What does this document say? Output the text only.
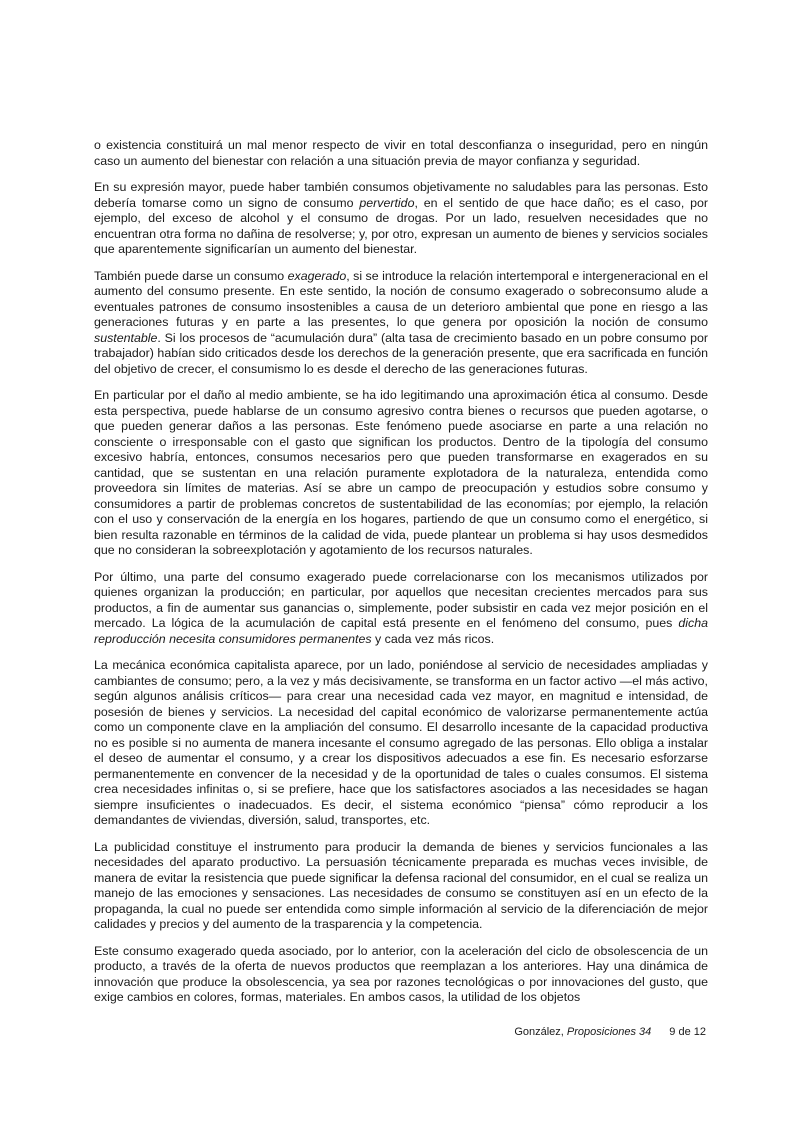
o existencia constituirá un mal menor respecto de vivir en total desconfianza o inseguridad, pero en ningún caso un aumento del bienestar con relación a una situación previa de mayor confianza y seguridad.

En su expresión mayor, puede haber también consumos objetivamente no saludables para las personas. Esto debería tomarse como un signo de consumo pervertido, en el sentido de que hace daño; es el caso, por ejemplo, del exceso de alcohol y el consumo de drogas. Por un lado, resuelven necesidades que no encuentran otra forma no dañina de resolverse; y, por otro, expresan un aumento de bienes y servicios sociales que aparentemente significarían un aumento del bienestar.

También puede darse un consumo exagerado, si se introduce la relación intertemporal e intergeneracional en el aumento del consumo presente. En este sentido, la noción de consumo exagerado o sobreconsumo alude a eventuales patrones de consumo insostenibles a causa de un deterioro ambiental que pone en riesgo a las generaciones futuras y en parte a las presentes, lo que genera por oposición la noción de consumo sustentable. Si los procesos de “acumulación dura” (alta tasa de crecimiento basado en un pobre consumo por trabajador) habían sido criticados desde los derechos de la generación presente, que era sacrificada en función del objetivo de crecer, el consumismo lo es desde el derecho de las generaciones futuras.

En particular por el daño al medio ambiente, se ha ido legitimando una aproximación ética al consumo. Desde esta perspectiva, puede hablarse de un consumo agresivo contra bienes o recursos que pueden agotarse, o que pueden generar daños a las personas. Este fenómeno puede asociarse en parte a una relación no consciente o irresponsable con el gasto que significan los productos. Dentro de la tipología del consumo excesivo habría, entonces, consumos necesarios pero que pueden transformarse en exagerados en su cantidad, que se sustentan en una relación puramente explotadora de la naturaleza, entendida como proveedora sin límites de materias. Así se abre un campo de preocupación y estudios sobre consumo y consumidores a partir de problemas concretos de sustentabilidad de las economías; por ejemplo, la relación con el uso y conservación de la energía en los hogares, partiendo de que un consumo como el energético, si bien resulta razonable en términos de la calidad de vida, puede plantear un problema si hay usos desmedidos que no consideran la sobreexplotación y agotamiento de los recursos naturales.

Por último, una parte del consumo exagerado puede correlacionarse con los mecanismos utilizados por quienes organizan la producción; en particular, por aquellos que necesitan crecientes mercados para sus productos, a fin de aumentar sus ganancias o, simplemente, poder subsistir en cada vez mejor posición en el mercado. La lógica de la acumulación de capital está presente en el fenómeno del consumo, pues dicha reproducción necesita consumidores permanentes y cada vez más ricos.

La mecánica económica capitalista aparece, por un lado, poniéndose al servicio de necesidades ampliadas y cambiantes de consumo; pero, a la vez y más decisivamente, se transforma en un factor activo —el más activo, según algunos análisis críticos— para crear una necesidad cada vez mayor, en magnitud e intensidad, de posesión de bienes y servicios. La necesidad del capital económico de valorizarse permanentemente actúa como un componente clave en la ampliación del consumo. El desarrollo incesante de la capacidad productiva no es posible si no aumenta de manera incesante el consumo agregado de las personas. Ello obliga a instalar el deseo de aumentar el consumo, y a crear los dispositivos adecuados a ese fin. Es necesario esforzarse permanentemente en convencer de la necesidad y de la oportunidad de tales o cuales consumos. El sistema crea necesidades infinitas o, si se prefiere, hace que los satisfactores asociados a las necesidades se hagan siempre insuficientes o inadecuados. Es decir, el sistema económico “piensa” cómo reproducir a los demandantes de viviendas, diversión, salud, transportes, etc.

La publicidad constituye el instrumento para producir la demanda de bienes y servicios funcionales a las necesidades del aparato productivo. La persuasión técnicamente preparada es muchas veces invisible, de manera de evitar la resistencia que puede significar la defensa racional del consumidor, en el cual se realiza un manejo de las emociones y sensaciones. Las necesidades de consumo se constituyen así en un efecto de la propaganda, la cual no puede ser entendida como simple información al servicio de la diferenciación de mejor calidades y precios y del aumento de la trasparencia y la competencia.

Este consumo exagerado queda asociado, por lo anterior, con la aceleración del ciclo de obsolescencia de un producto, a través de la oferta de nuevos productos que reemplazan a los anteriores. Hay una dinámica de innovación que produce la obsolescencia, ya sea por razones tecnológicas o por innovaciones del gusto, que exige cambios en colores, formas, materiales. En ambos casos, la utilidad de los objetos

González, Proposiciones 34 9 de 12
